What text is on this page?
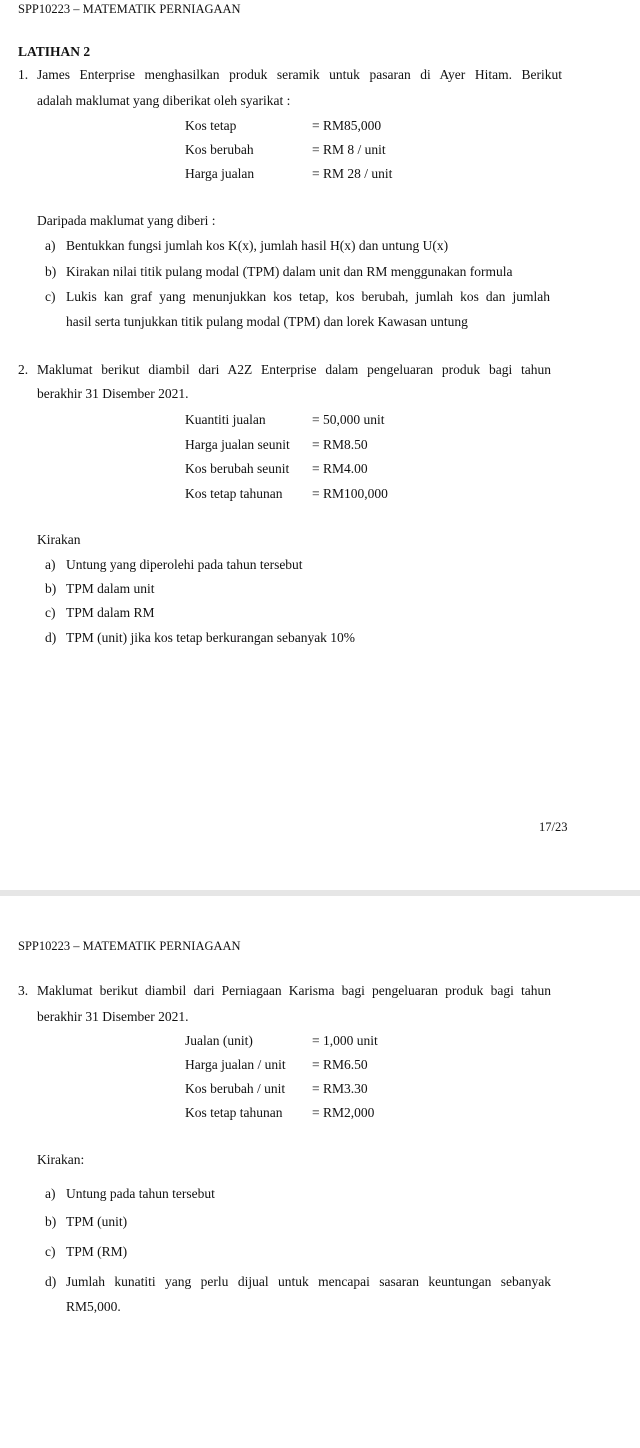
SPP10223 – MATEMATIK PERNIAGAAN
LATIHAN 2
1. James Enterprise menghasilkan produk seramik untuk pasaran di Ayer Hitam. Berikut
adalah maklumat yang diberikat oleh syarikat :
Kos tetap	= RM85,000
Kos berubah	= RM 8 / unit
Harga jualan	= RM 28 / unit
Daripada maklumat yang diberi :
a) Bentukkan fungsi jumlah kos K(x), jumlah hasil H(x) dan untung U(x)
b) Kirakan nilai titik pulang modal (TPM) dalam unit dan RM menggunakan formula
c) Lukis kan graf yang menunjukkan kos tetap, kos berubah, jumlah kos dan jumlah
hasil serta tunjukkan titik pulang modal (TPM) dan lorek Kawasan untung
2. Maklumat berikut diambil dari A2Z Enterprise dalam pengeluaran produk bagi tahun
berakhir 31 Disember 2021.
Kuantiti jualan	= 50,000 unit
Harga jualan seunit = RM8.50
Kos berubah seunit = RM4.00
Kos tetap tahunan = RM100,000
Kirakan
a) Untung yang diperolehi pada tahun tersebut
b) TPM dalam unit
c) TPM dalam RM
d) TPM (unit) jika kos tetap berkurangan sebanyak 10%
17/23
SPP10223 – MATEMATIK PERNIAGAAN
3. Maklumat berikut diambil dari Perniagaan Karisma bagi pengeluaran produk bagi tahun
berakhir 31 Disember 2021.
Jualan (unit)	= 1,000 unit
Harga jualan / unit = RM6.50
Kos berubah / unit = RM3.30
Kos tetap tahunan = RM2,000
Kirakan:
a) Untung pada tahun tersebut
b) TPM (unit)
c) TPM (RM)
d) Jumlah kunatiti yang perlu dijual untuk mencapai sasaran keuntungan sebanyak
RM5,000.
